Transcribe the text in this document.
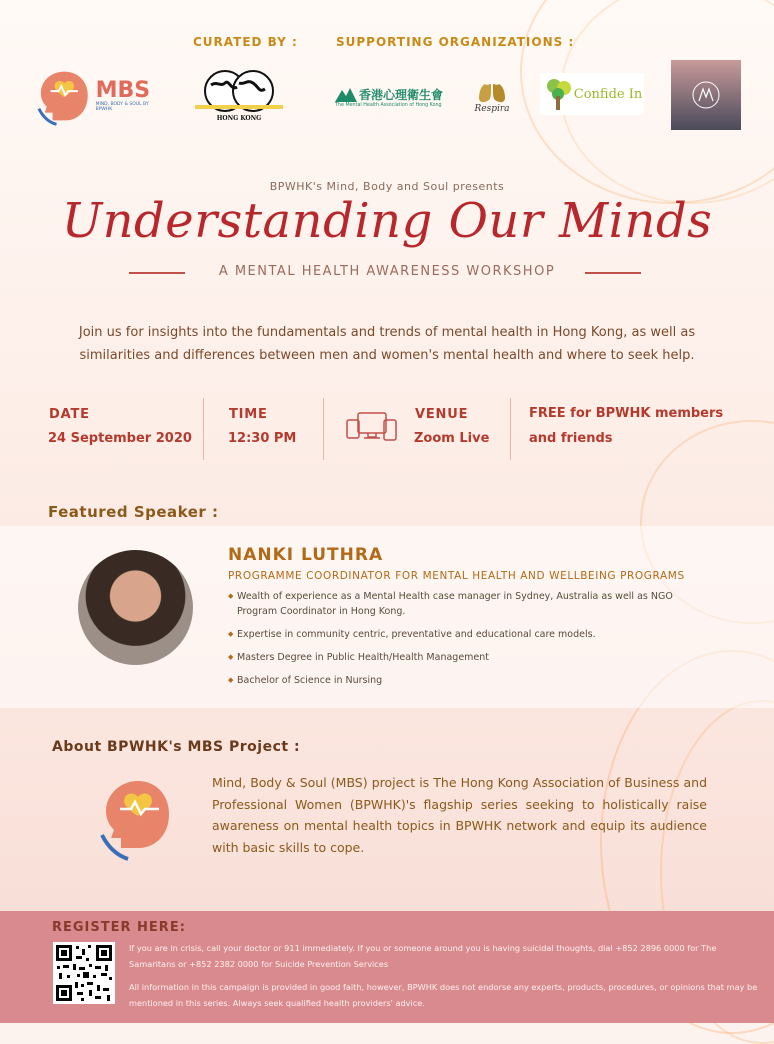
CURATED BY :	SUPPORTING ORGANIZATIONS :
MBS
MIND, BODY & SOUL BY BPWHK
HONG KONG
香港心理衛生會
The Mental Health Association of Hong Kong	Respira
Confide In
BPWHK's Mind, Body and Soul presents
Understanding Our Minds
A MENTAL HEALTH AWARENESS WORKSHOP
Join us for insights into the fundamentals and trends of mental health in Hong Kong, as well as similarities and differences between men and women's mental health and where to seek help.
DATE
24 September 2020
TIME
12:30 PM
VENUE
Zoom Live
FREE for BPWHK members
and friends
Featured Speaker :
NANKI LUTHRA
PROGRAMME COORDINATOR FOR MENTAL HEALTH AND WELLBEING PROGRAMS
◆ Wealth of experience as a Mental Health case manager in Sydney, Australia as well as NGO Program Coordinator in Hong Kong.
◆ Expertise in community centric, preventative and educational care models.
◆ Masters Degree in Public Health/Health Management
◆ Bachelor of Science in Nursing
About BPWHK's MBS Project :
Mind, Body & Soul (MBS) project is The Hong Kong Association of Business and Professional Women (BPWHK)'s flagship series seeking to holistically raise awareness on mental health topics in BPWHK network and equip its audience with basic skills to cope.
REGISTER HERE:
If you are in crisis, call your doctor or 911 immediately. If you or someone around you is having suicidal thoughts, dial +852 2896 0000 for The Samaritans or +852 2382 0000 for Suicide Prevention Services
All information in this campaign is provided in good faith, however, BPWHK does not endorse any experts, products, procedures, or opinions that may be mentioned in this series. Always seek qualified health providers' advice.
